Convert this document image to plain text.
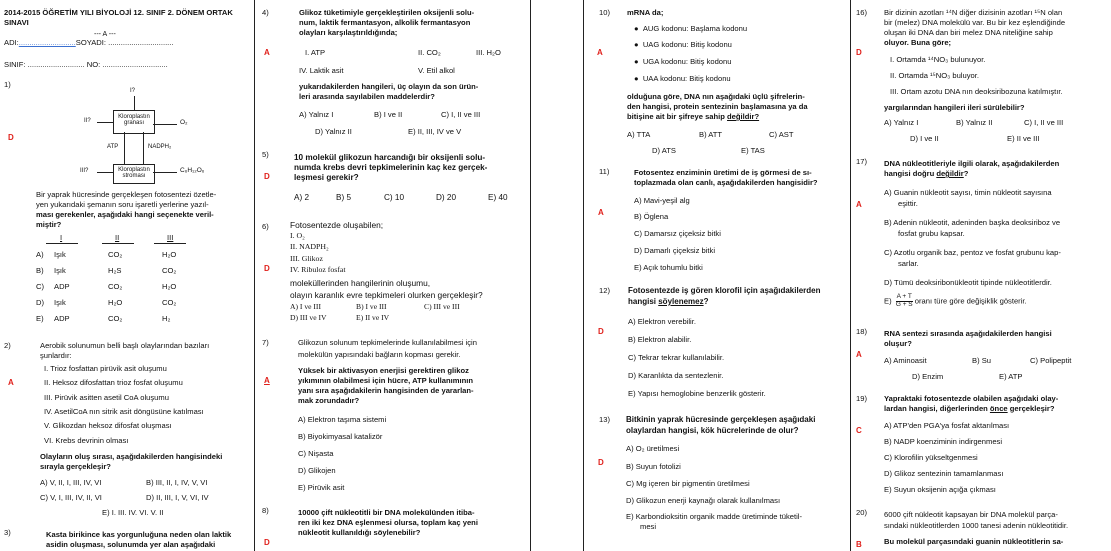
2014-2015 ÖĞRETİM YILI BİYOLOJİ 12. SINIF 2. DÖNEM ORTAK
SINAVI
--- A ---
ADI:...........................SOYADI: ...............................
SINIF: ........................... NO: ...............................
1)
D
I?
II?
Kloroplastın
granası	O₂
ATP	NADPH₂
III?	Kloroplastın
stroması
C₆H₁₂O₆
Bir yaprak hücresinde gerçekleşen fotosentezi özetle-
yen yukarıdaki şemanın soru işaretli yerlerine yazıl-
ması gerekenler, aşağıdaki hangi seçenekte veril-
miştir?
I	II	III
A) Işık	CO₂	H₂O
B) Işık	H₂S	CO₂
C) ADP	CO₂	H₂O
D) Işık	H₂O	CO₂
E) ADP	CO₂	H₂
2)	Aerobik solunumun belli başlı olaylarından bazıları
şunlardır:
I. Trioz fosfattan pirüvik asit oluşumu
A	II. Heksoz difosfattan trioz fosfat oluşumu
III. Pirüvik asitten asetil CoA oluşumu
IV. AsetilCoA nın sitrik asit döngüsüne katılması
V. Glikozdan heksoz difosfat oluşması
VI. Krebs devrinin olması
Olayların oluş sırası, aşağıdakilerden hangisindeki
sırayla gerçekleşir?
A) V, II, I, III, IV, VI	B) III, II, I, IV, V, VI
C) V, I, III, IV, II, VI	D) II, III, I, V, VI, IV
E) I. III. IV. VI. V. II
3)	Kasta birikince kas yorgunluğuna neden olan laktik
asidin oluşması, solunumda yer alan aşağıdaki
4)	Glikoz tüketimiyle gerçekleştirilen oksijenli solu-
num, laktik fermantasyon, alkolik fermantasyon
olayları karşılaştırıldığında;
A	I. ATP	II. CO₂	III. H₂O
IV. Laktik asit	V. Etil alkol
yukarıdakilerden hangileri, üç olayın da son ürün-
leri arasında sayılabilen maddelerdir?
A) Yalnız I	B) I ve II	C) I, II ve III
D) Yalnız II	E) II, III, IV ve V
5)	10 molekül glikozun harcandığı bir oksijenli solu-
numda krebs devri tepkimelerinin kaç kez gerçek-
leşmesi gerekir?
D
A) 2	B) 5	C) 10	D) 20	E) 40
6)	Fotosentezde oluşabilen;
I. O₂
II. NADPH₂
III. Glikoz
D	IV. Ribuloz fosfat
moleküllerinden hangilerinin oluşumu,
olayın karanlık evre tepkimeleri olurken gerçekleşir?
A) I ve III	B) I ve III	C) III ve III
D) III ve IV	E) II ve IV
7)	Glikozun solunum tepkimelerinde kullanılabilmesi için
molekülün yapısındaki bağların kopması gerekir.
Yüksek bir aktivasyon enerjisi gerektiren glikoz
A	yıkımının olabilmesi için hücre, ATP kullanımının
yanı sıra aşağıdakilerin hangisinden de yararlan-
mak zorundadır?
A) Elektron taşıma sistemi
B) Biyokimyasal katalizör
C) Nişasta
D) Glikojen
E) Pirüvik asit
8)	10000 çift nükleotitli bir DNA molekülünden itiba-
ren iki kez DNA eşlenmesi olursa, toplam kaç yeni
nükleotit kullanıldığı söylenebilir?
D
10) mRNA da;
● AUG kodonu: Başlama kodonu
● UAG kodonu: Bitiş kodonu
A
● UGA kodonu: Bitiş kodonu
● UAA kodonu: Bitiş kodonu
olduğuna göre, DNA nın aşağıdaki üçlü şifrelerin-
den hangisi, protein sentezinin başlamasına ya da
bitişine ait bir şifreye sahip değildir?
A) TTA	B) ATT	C) AST
D) ATS	E) TAS
11)	Fotosentez enziminin üretimi de iş görmesi de sı-
toplazmada olan canlı, aşağıdakilerden hangisidir?
A) Mavi-yeşil alg
A	B) Öglena
C) Damarsız çiçeksiz bitki
D) Damarlı çiçeksiz bitki
E) Açık tohumlu bitki
12) Fotosentezde iş gören klorofil için aşağıdakilerden
hangisi söylenemez?
A) Elektron verebilir.
D
B) Elektron alabilir.
C) Tekrar tekrar kullanılabilir.
D) Karanlıkta da sentezlenir.
E) Yapısı hemoglobine benzerlik gösterir.
13) Bitkinin yaprak hücresinde gerçekleşen aşağıdaki
olaylardan hangisi, kök hücrelerinde de olur?
A) O₂ üretilmesi
D	B) Suyun fotolizi
C) Mg içeren bir pigmentin üretilmesi
D) Glikozun enerji kaynağı olarak kullanılması
E) Karbondioksitin organik madde üretiminde tüketil-
mesi
16) Bir dizinin azotları ¹⁴N diğer dizisinin azotları ¹⁵N olan
bir (melez) DNA molekülü var. Bu bir kez eşlendiğinde
oluşan iki DNA dan biri melez DNA niteliğine sahip
oluyor. Buna göre;
D
I. Ortamda ¹⁴NO₃ bulunuyor.
II. Ortamda ¹⁵NO₃ buluyor.
III. Ortam azotu DNA nın deoksiribozuna katılmıştır.
yargılarından hangileri ileri sürülebilir?
A) Yalnız I	B) Yalnız II	C) I, II ve III
D) I ve II	E) II ve III
17) DNA nükleotitleriyle ilgili olarak, aşağıdakilerden
hangisi doğru değildir?
A) Guanin nükleotit sayısı, timin nükleotit sayısına
A	eşittir.
B) Adenin nükleotit, adeninden başka deoksiriboz ve
fosfat grubu kapsar.
C) Azotlu organik baz, pentoz ve fosfat grubunu kap-
sarlar.
D) Tümü deoksiribonükleotit tipinde nükleotitlerdir.
$E) \frac{A + T}{G + S}$ oranı türe göre değişiklik gösterir.
18) RNA sentezi sırasında aşağıdakilerden hangisi
oluşur?
A
A) Aminoasit	B) Su	C) Polipeptit
D) Enzim	E) ATP
19) Yapraktaki fotosentezde olabilen aşağıdaki olay-
lardan hangisi, diğerlerinden önce gerçekleşir?
A) ATP'den PGA'ya fosfat aktarılması
C
B) NADP koenziminin indirgenmesi
C) Klorofilin yükseltgenmesi
D) Glikoz sentezinin tamamlanması
E) Suyun oksijenin açığa çıkması
20) 6000 çift nükleotit kapsayan bir DNA molekül parça-
sındaki nükleotitlerden 1000 tanesi adenin nükleotitidir.
Bu molekül parçasındaki guanin nükleotitlerin sa-
B
